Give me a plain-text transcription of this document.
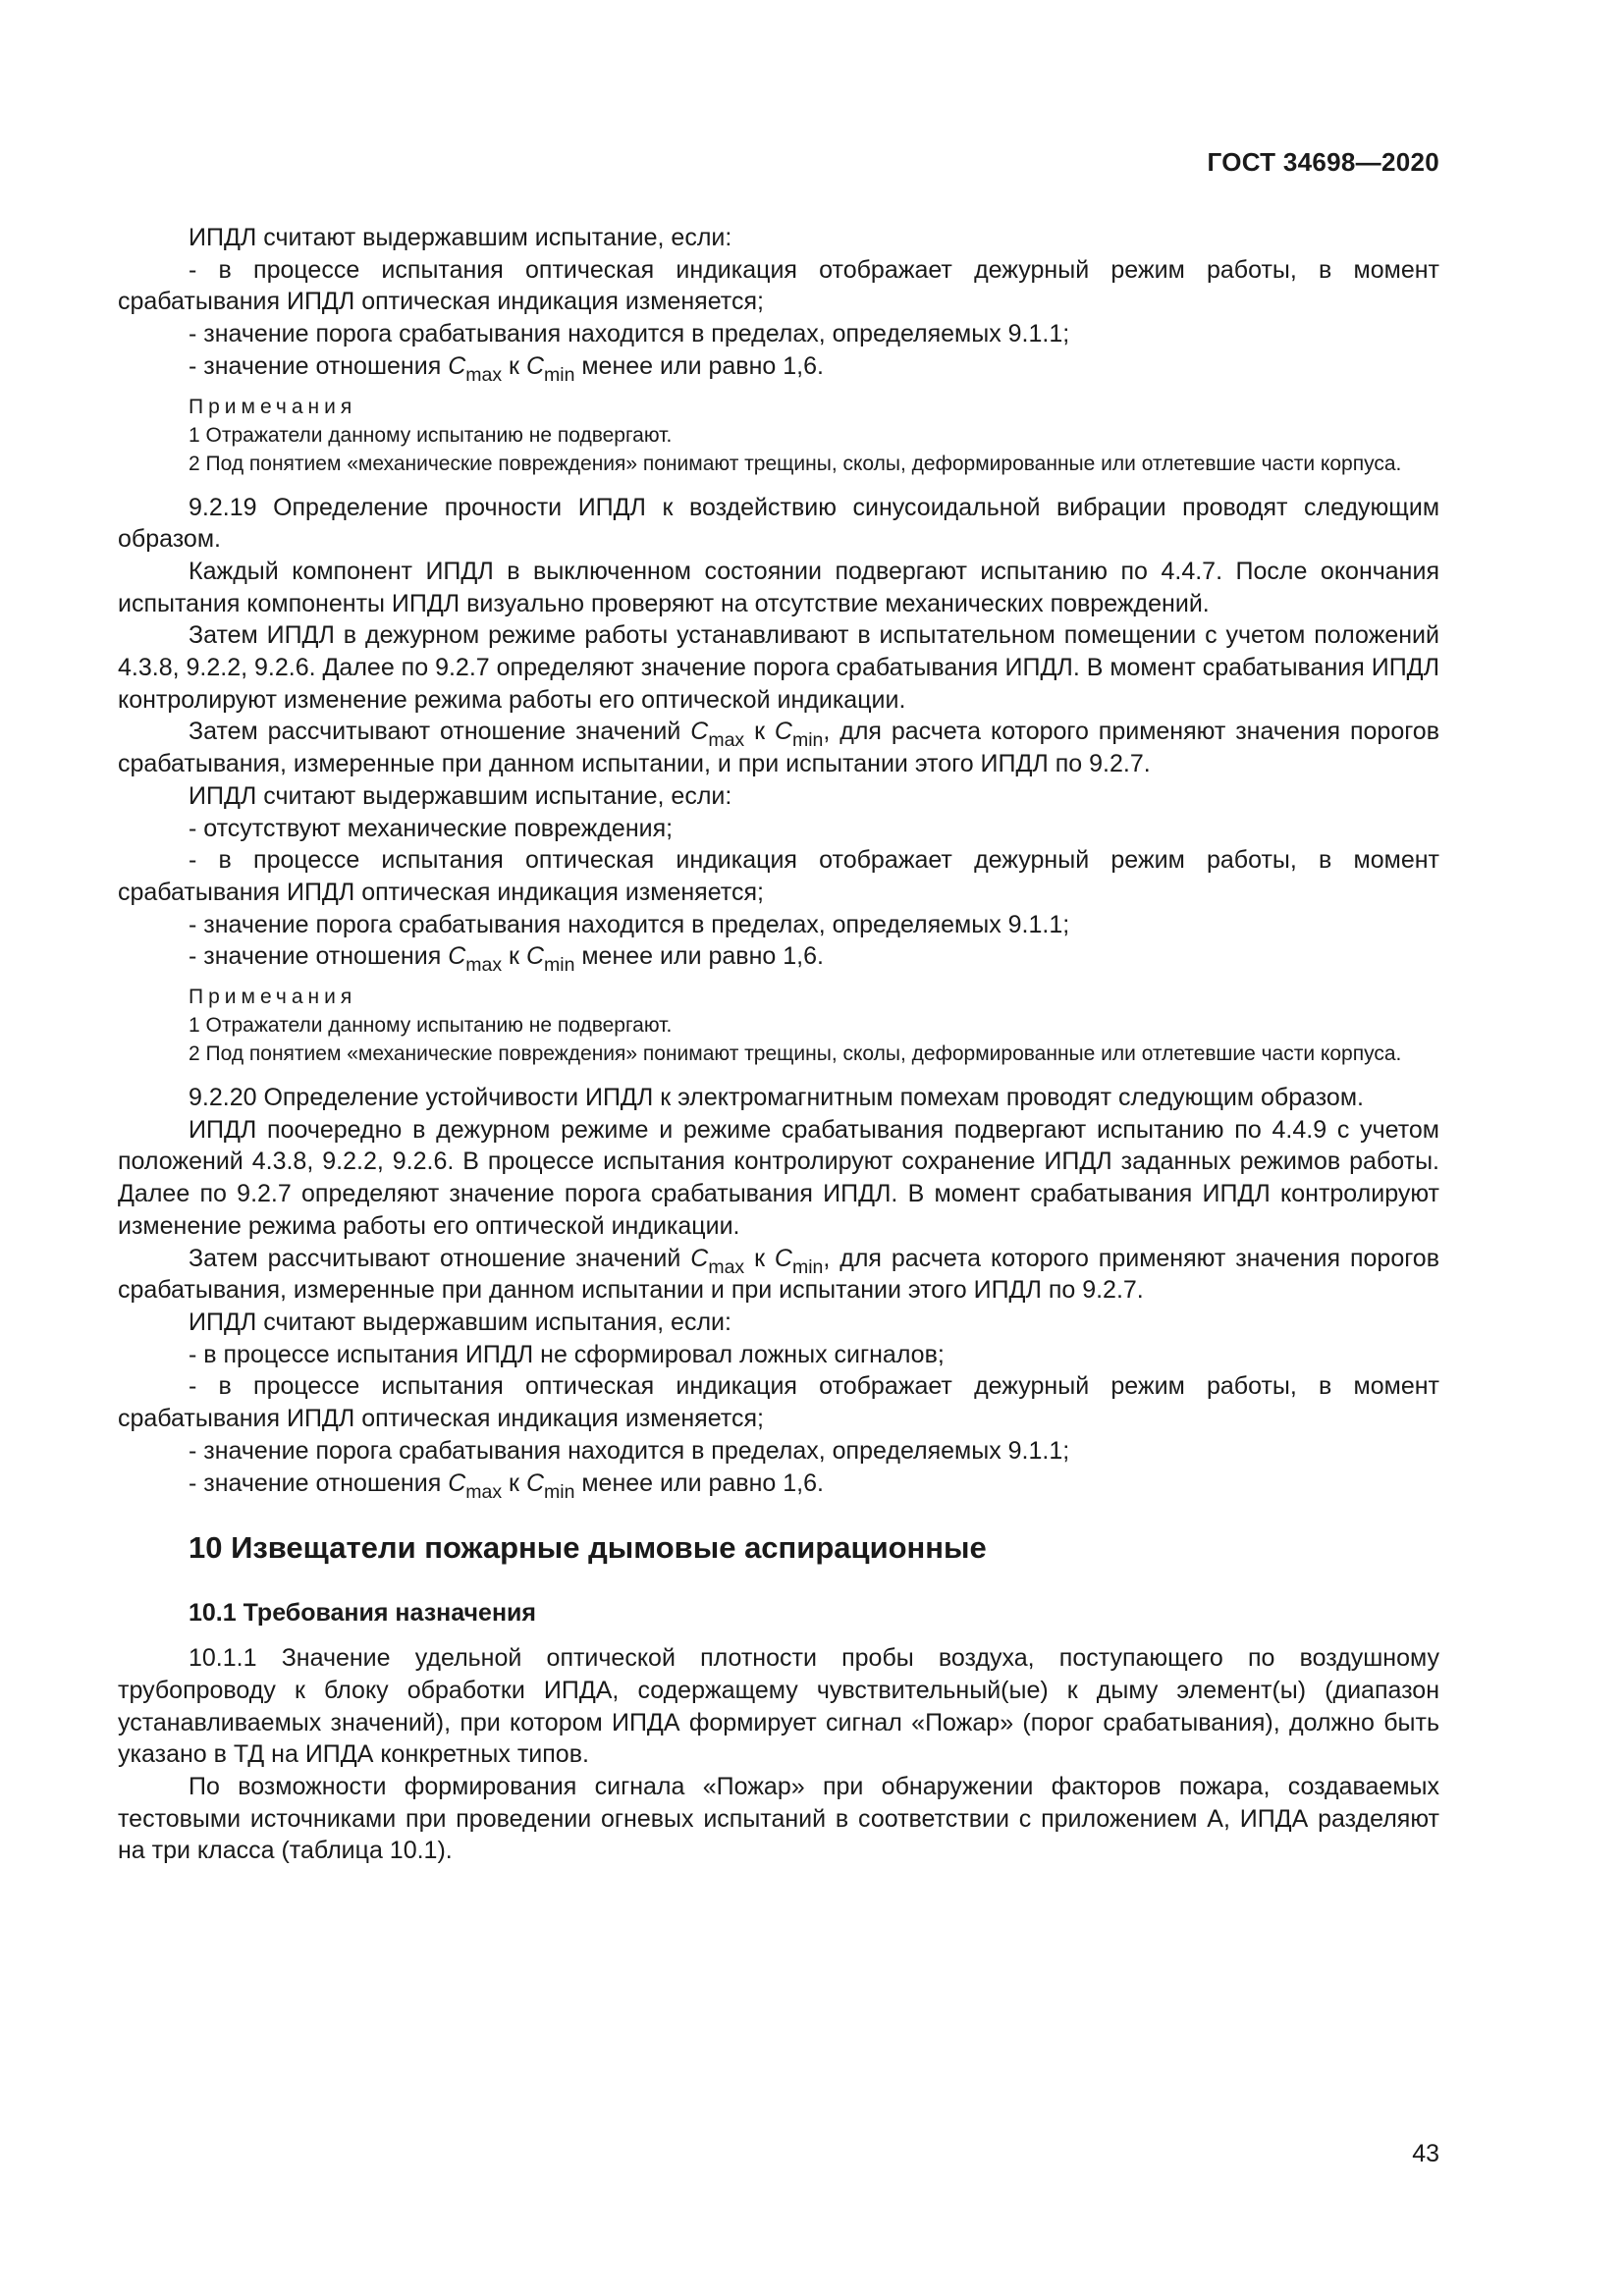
ГОСТ 34698—2020

ИПДЛ считают выдержавшим испытание, если:

- в процессе испытания оптическая индикация отображает дежурный режим работы, в момент срабатывания ИПДЛ оптическая индикация изменяется;

- значение порога срабатывания находится в пределах, определяемых 9.1.1;

- значение отношения $C_{max}$ к $C_{min}$ менее или равно 1,6.

Примечания

1 Отражатели данному испытанию не подвергают.

2 Под понятием «механические повреждения» понимают трещины, сколы, деформированные или отлетевшие части корпуса.

9.2.19 Определение прочности ИПДЛ к воздействию синусоидальной вибрации проводят следующим образом.

Каждый компонент ИПДЛ в выключенном состоянии подвергают испытанию по 4.4.7. После окончания испытания компоненты ИПДЛ визуально проверяют на отсутствие механических повреждений.

Затем ИПДЛ в дежурном режиме работы устанавливают в испытательном помещении с учетом положений 4.3.8, 9.2.2, 9.2.6. Далее по 9.2.7 определяют значение порога срабатывания ИПДЛ. В момент срабатывания ИПДЛ контролируют изменение режима работы его оптической индикации.

Затем рассчитывают отношение значений $C_{max}$ к $C_{min}$, для расчета которого применяют значения порогов срабатывания, измеренные при данном испытании, и при испытании этого ИПДЛ по 9.2.7.

ИПДЛ считают выдержавшим испытание, если:

- отсутствуют механические повреждения;

- в процессе испытания оптическая индикация отображает дежурный режим работы, в момент срабатывания ИПДЛ оптическая индикация изменяется;

- значение порога срабатывания находится в пределах, определяемых 9.1.1;

- значение отношения $C_{max}$ к $C_{min}$ менее или равно 1,6.

Примечания

1 Отражатели данному испытанию не подвергают.

2 Под понятием «механические повреждения» понимают трещины, сколы, деформированные или отлетевшие части корпуса.

9.2.20 Определение устойчивости ИПДЛ к электромагнитным помехам проводят следующим образом.

ИПДЛ поочередно в дежурном режиме и режиме срабатывания подвергают испытанию по 4.4.9 с учетом положений 4.3.8, 9.2.2, 9.2.6. В процессе испытания контролируют сохранение ИПДЛ заданных режимов работы. Далее по 9.2.7 определяют значение порога срабатывания ИПДЛ. В момент срабатывания ИПДЛ контролируют изменение режима работы его оптической индикации.

Затем рассчитывают отношение значений $C_{max}$ к $C_{min}$, для расчета которого применяют значения порогов срабатывания, измеренные при данном испытании и при испытании этого ИПДЛ по 9.2.7.

ИПДЛ считают выдержавшим испытания, если:

- в процессе испытания ИПДЛ не сформировал ложных сигналов;

- в процессе испытания оптическая индикация отображает дежурный режим работы, в момент срабатывания ИПДЛ оптическая индикация изменяется;

- значение порога срабатывания находится в пределах, определяемых 9.1.1;

- значение отношения $C_{max}$ к $C_{min}$ менее или равно 1,6.

10 Извещатели пожарные дымовые аспирационные
10.1 Требования назначения

10.1.1 Значение удельной оптической плотности пробы воздуха, поступающего по воздушному трубопроводу к блоку обработки ИПДА, содержащему чувствительный(ые) к дыму элемент(ы) (диапазон устанавливаемых значений), при котором ИПДА формирует сигнал «Пожар» (порог срабатывания), должно быть указано в ТД на ИПДА конкретных типов.

По возможности формирования сигнала «Пожар» при обнаружении факторов пожара, создаваемых тестовыми источниками при проведении огневых испытаний в соответствии с приложением А, ИПДА разделяют на три класса (таблица 10.1).

43
